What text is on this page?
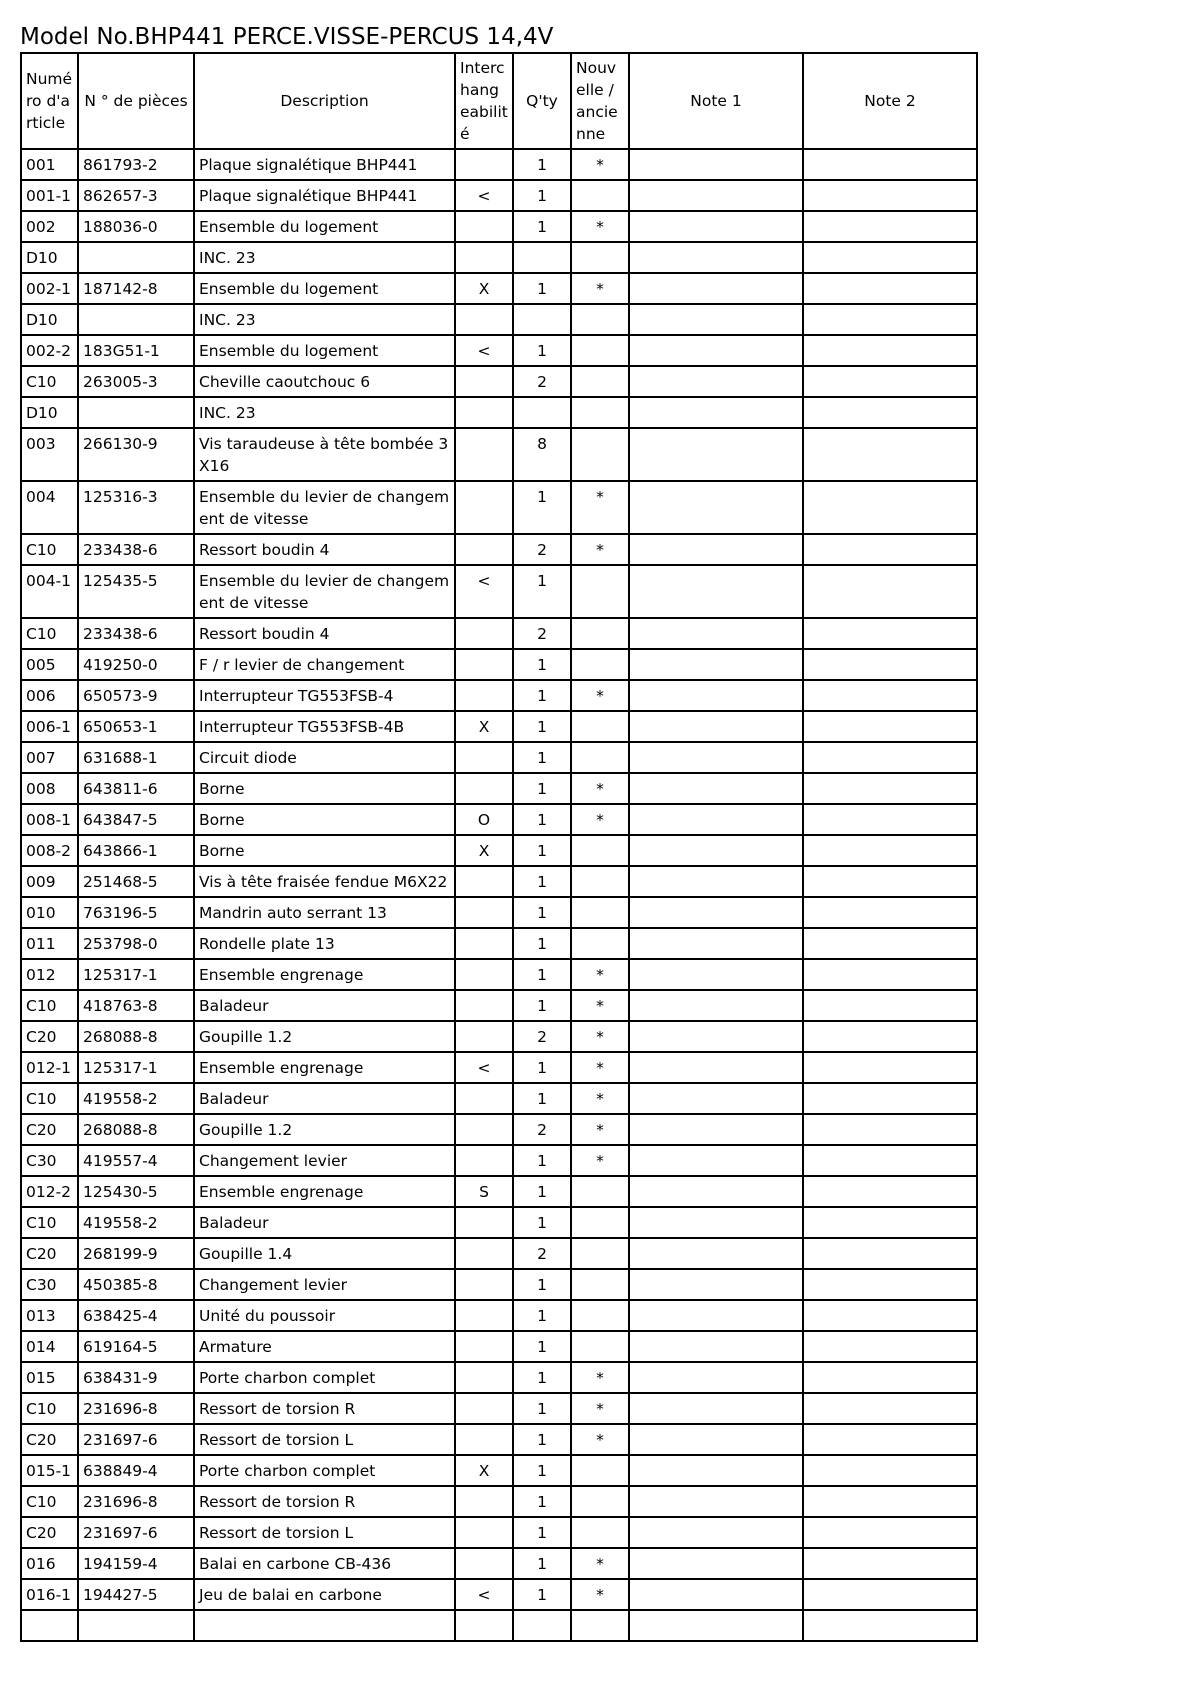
Model No.BHP441 PERCE.VISSE-PERCUS 14,4V
Numéro d'article	N ° de pièces	Description	Interchangeabilité	Q'ty	Nouvelle / ancienne	Note 1	Note 2
001	861793-2	Plaque signalétique BHP441		1	*		
001-1	862657-3	Plaque signalétique BHP441	<	1			
002	188036-0	Ensemble du logement		1	*		
D10		INC. 23					
002-1	187142-8	Ensemble du logement	X	1	*		
D10		INC. 23					
002-2	183G51-1	Ensemble du logement	<	1			
C10	263005-3	Cheville caoutchouc 6		2			
D10		INC. 23					
003	266130-9	Vis taraudeuse à tête bombée 3X16		8			
004	125316-3	Ensemble du levier de changement de vitesse		1	*		
C10	233438-6	Ressort boudin 4		2	*		
004-1	125435-5	Ensemble du levier de changement de vitesse	<	1			
C10	233438-6	Ressort boudin 4		2			
005	419250-0	F / r levier de changement		1			
006	650573-9	Interrupteur TG553FSB-4		1	*		
006-1	650653-1	Interrupteur TG553FSB-4B	X	1			
007	631688-1	Circuit diode		1			
008	643811-6	Borne		1	*		
008-1	643847-5	Borne	O	1	*		
008-2	643866-1	Borne	X	1			
009	251468-5	Vis à tête fraisée fendue M6X22		1			
010	763196-5	Mandrin auto serrant 13		1			
011	253798-0	Rondelle plate 13		1			
012	125317-1	Ensemble engrenage		1	*		
C10	418763-8	Baladeur		1	*		
C20	268088-8	Goupille 1.2		2	*		
012-1	125317-1	Ensemble engrenage	<	1	*		
C10	419558-2	Baladeur		1	*		
C20	268088-8	Goupille 1.2		2	*		
C30	419557-4	Changement levier		1	*		
012-2	125430-5	Ensemble engrenage	S	1			
C10	419558-2	Baladeur		1			
C20	268199-9	Goupille 1.4		2			
C30	450385-8	Changement levier		1			
013	638425-4	Unité du poussoir		1			
014	619164-5	Armature		1			
015	638431-9	Porte charbon complet		1	*		
C10	231696-8	Ressort de torsion R		1	*		
C20	231697-6	Ressort de torsion L		1	*		
015-1	638849-4	Porte charbon complet	X	1			
C10	231696-8	Ressort de torsion R		1			
C20	231697-6	Ressort de torsion L		1			
016	194159-4	Balai en carbone CB-436		1	*		
016-1	194427-5	Jeu de balai en carbone	<	1	*		
